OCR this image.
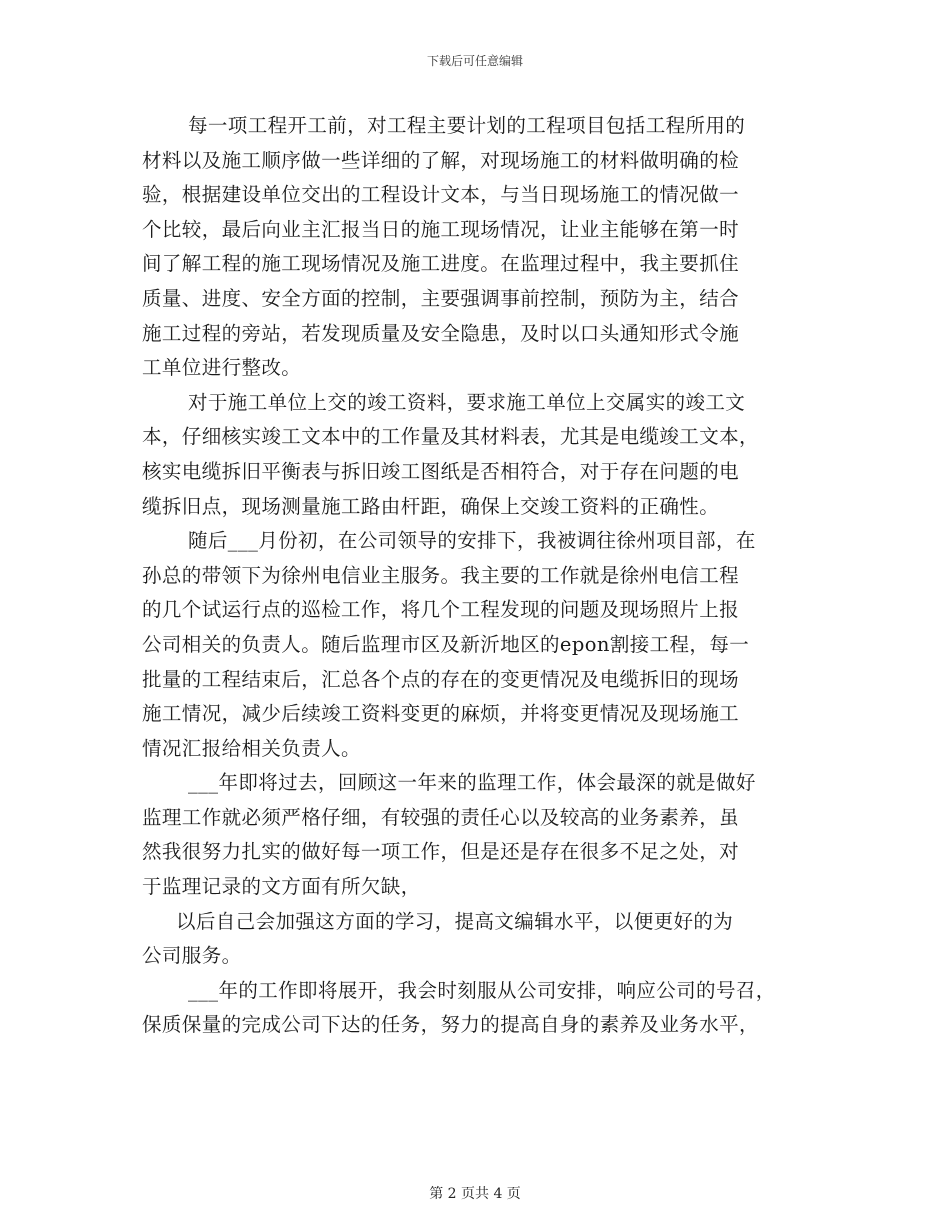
下载后可任意编辑
每一项工程开工前，对工程主要计划的工程项目包括工程所用的
材料以及施工顺序做一些详细的了解，对现场施工的材料做明确的检
验，根据建设单位交出的工程设计文本，与当日现场施工的情况做一
个比较，最后向业主汇报当日的施工现场情况，让业主能够在第一时
间了解工程的施工现场情况及施工进度。在监理过程中，我主要抓住
质量、进度、安全方面的控制，主要强调事前控制，预防为主，结合
施工过程的旁站，若发现质量及安全隐患，及时以口头通知形式令施
工单位进行整改。
对于施工单位上交的竣工资料，要求施工单位上交属实的竣工文
本，仔细核实竣工文本中的工作量及其材料表，尤其是电缆竣工文本，
核实电缆拆旧平衡表与拆旧竣工图纸是否相符合，对于存在问题的电
缆拆旧点，现场测量施工路由杆距，确保上交竣工资料的正确性。
随后___月份初，在公司领导的安排下，我被调往徐州项目部，在
孙总的带领下为徐州电信业主服务。我主要的工作就是徐州电信工程
的几个试运行点的巡检工作，将几个工程发现的问题及现场照片上报
公司相关的负责人。随后监理市区及新沂地区的epon割接工程，每一
批量的工程结束后，汇总各个点的存在的变更情况及电缆拆旧的现场
施工情况，减少后续竣工资料变更的麻烦，并将变更情况及现场施工
情况汇报给相关负责人。
___年即将过去，回顾这一年来的监理工作，体会最深的就是做好
监理工作就必须严格仔细，有较强的责任心以及较高的业务素养，虽
然我很努力扎实的做好每一项工作，但是还是存在很多不足之处，对
于监理记录的文方面有所欠缺，
以后自己会加强这方面的学习，提高文编辑水平，以便更好的为
公司服务。
___年的工作即将展开，我会时刻服从公司安排，响应公司的号召，
保质保量的完成公司下达的任务，努力的提高自身的素养及业务水平，
第 2 页共 4 页
